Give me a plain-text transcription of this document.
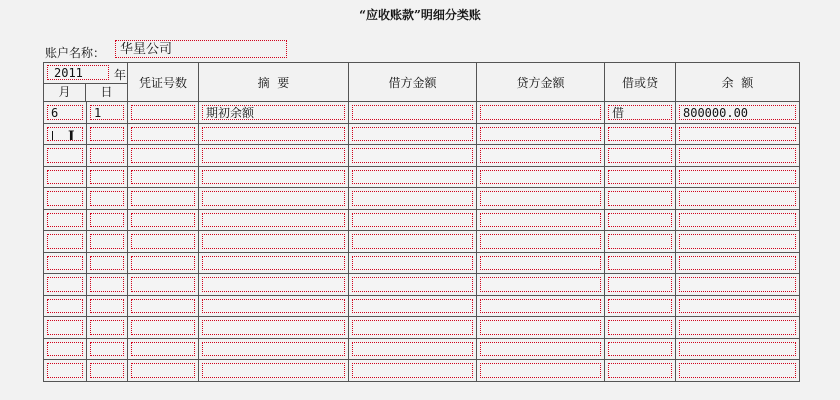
“应收账款”明细分类账
账户名称：	华星公司
2011 年
月 日		凭证号数	摘  要	借方金额	贷方金额	借或贷	余  额

6	1		期初余额			借	800000.00

I							
